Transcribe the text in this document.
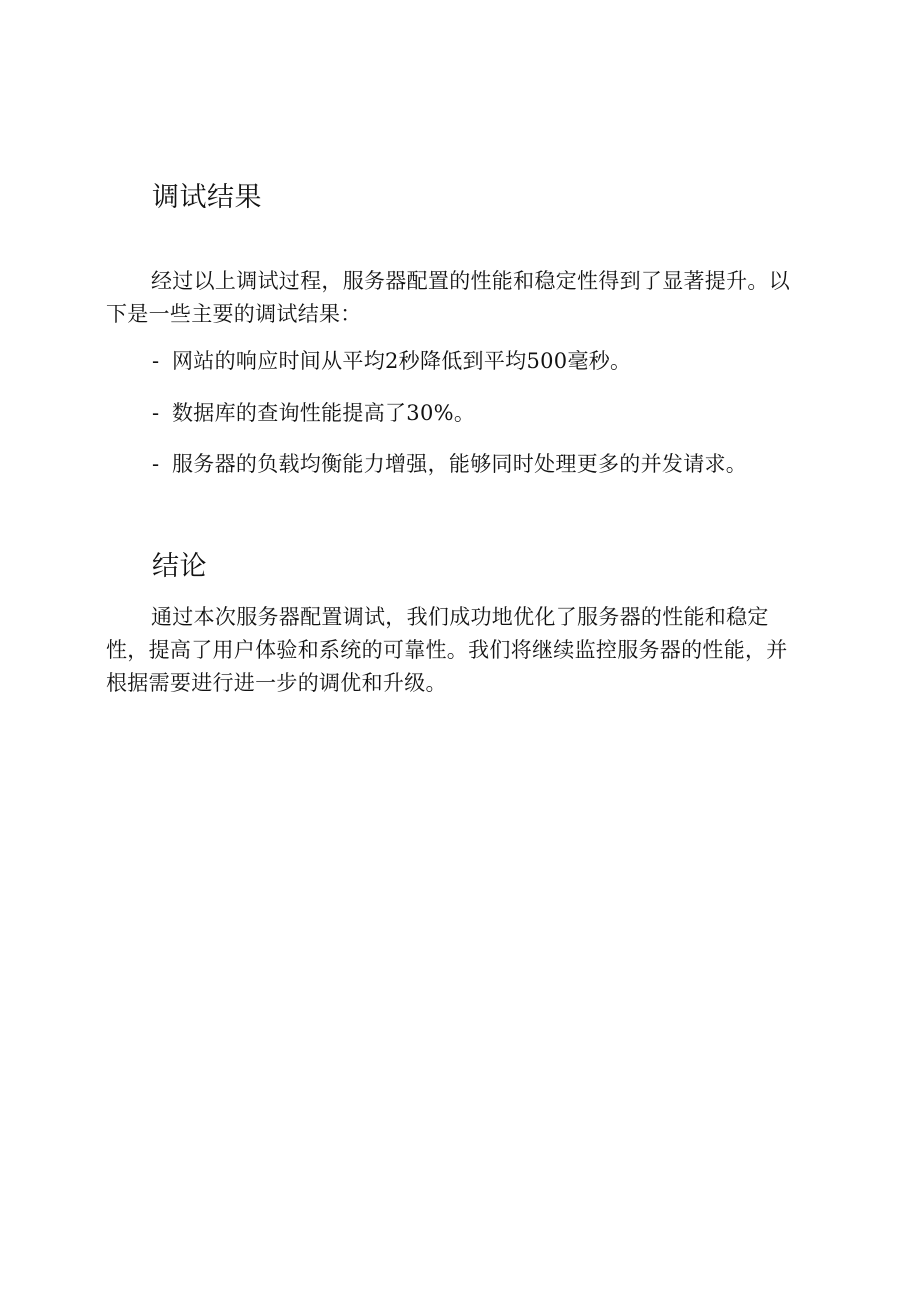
调试结果

经过以上调试过程，服务器配置的性能和稳定性得到了显著提升。以下是一些主要的调试结果：

- 网站的响应时间从平均2秒降低到平均500毫秒。

- 数据库的查询性能提高了30%。

- 服务器的负载均衡能力增强，能够同时处理更多的并发请求。

结论

通过本次服务器配置调试，我们成功地优化了服务器的性能和稳定性，提高了用户体验和系统的可靠性。我们将继续监控服务器的性能，并根据需要进行进一步的调优和升级。
